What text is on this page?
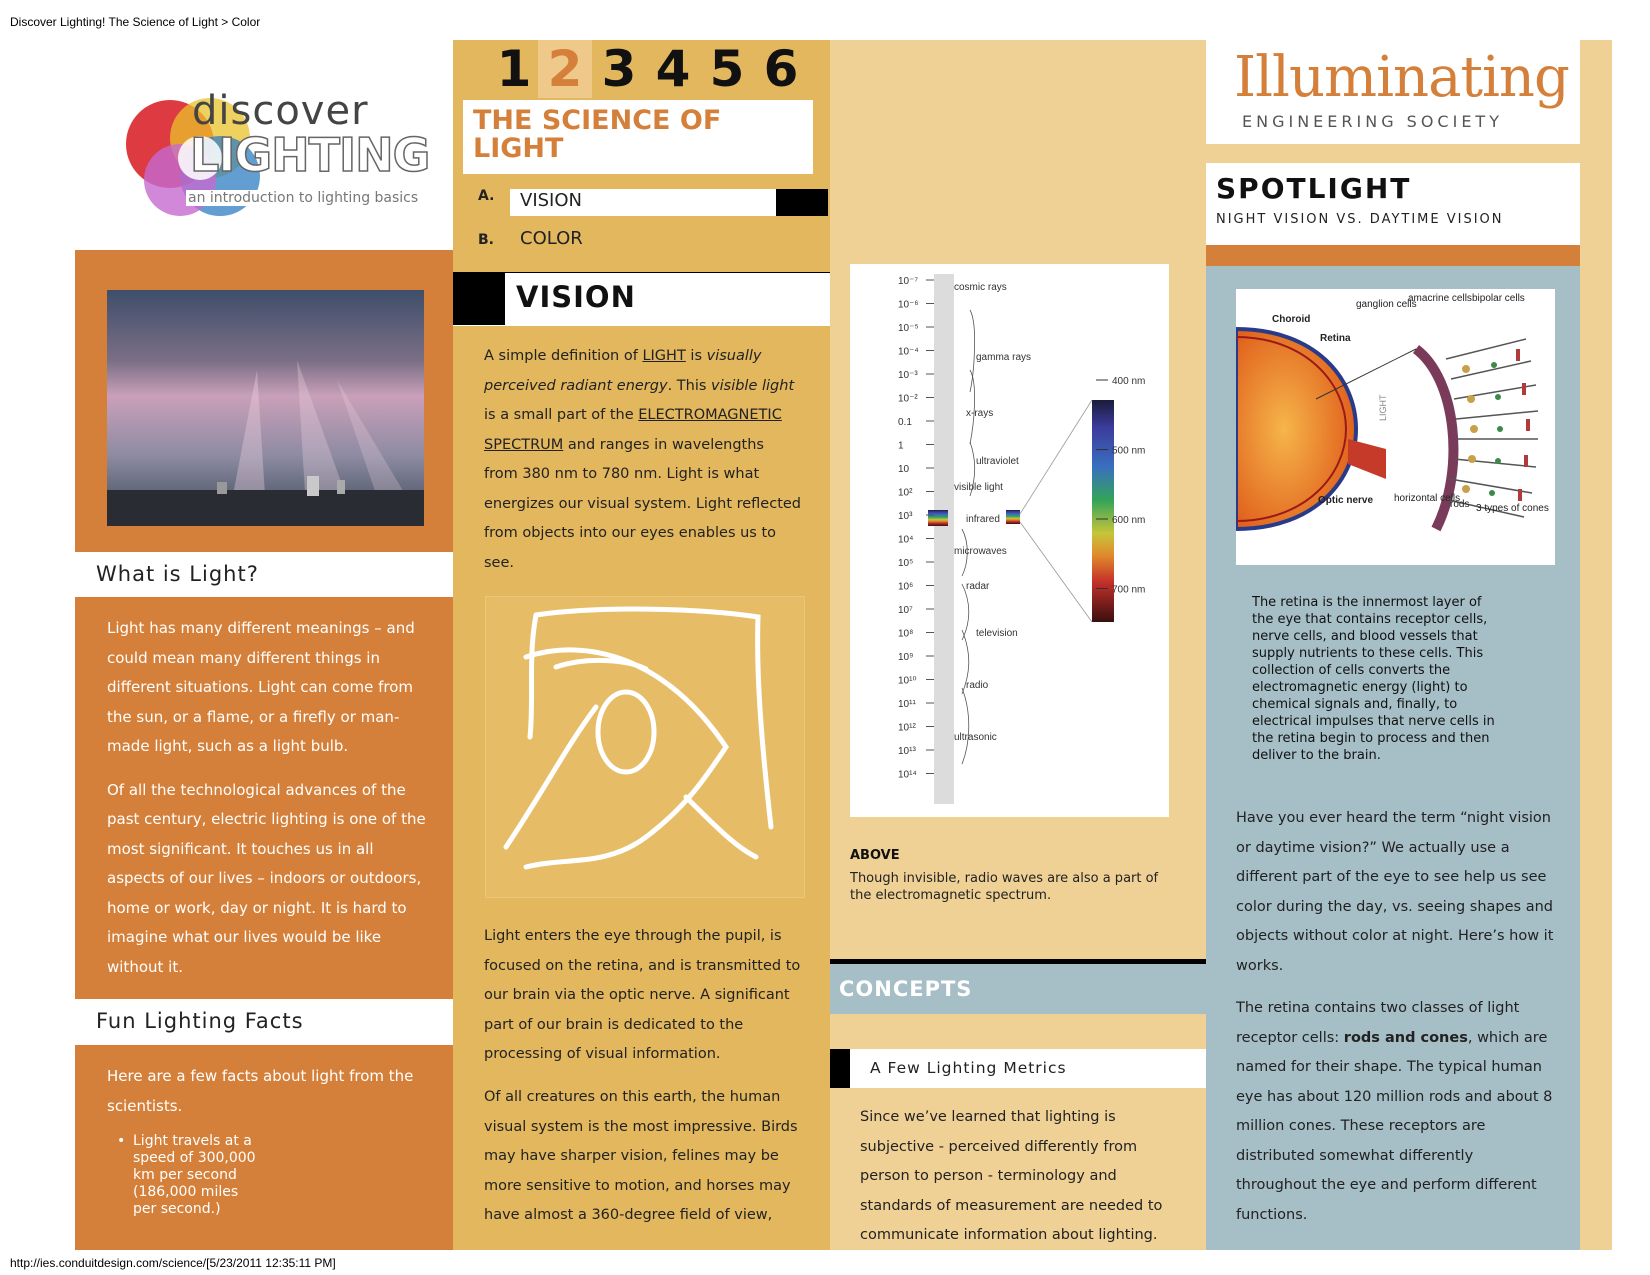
Discover Lighting! The Science of Light > Color
http://ies.conduitdesign.com/science/[5/23/2011 12:35:11 PM]
discover
LIGHTING
an introduction to lighting basics
What is Light?

Light has many different meanings – and could mean many different things in different situations. Light can come from the sun, or a flame, or a firefly or man-made light, such as a light bulb.

Of all the technological advances of the past century, electric lighting is one of the most significant. It touches us in all aspects of our lives – indoors or outdoors, home or work, day or night. It is hard to imagine what our lives would be like without it.

Fun Lighting Facts
Here are a few facts about light from the scientists.
• Light travels at a speed of 300,000 km per second (186,000 miles per second.)
1 2 3 4 5 6
THE SCIENCE OF LIGHT
A. VISION
B. COLOR
VISION
A simple definition of LIGHT is visually perceived radiant energy. This visible light is a small part of the ELECTROMAGNETIC SPECTRUM and ranges in wavelengths from 380 nm to 780 nm. Light is what energizes our visual system. Light reflected from objects into our eyes enables us to see.
Light enters the eye through the pupil, is focused on the retina, and is transmitted to our brain via the optic nerve. A significant part of our brain is dedicated to the processing of visual information.
Of all creatures on this earth, the human visual system is the most impressive. Birds may have sharper vision, felines may be more sensitive to motion, and horses may have almost a 360-degree field of view,
10⁻⁷
10⁻⁶
10⁻⁵
10⁻⁴
10⁻³
10⁻²
0.1
1
10
10²
10³
10⁴
10⁵
10⁶
10⁷
10⁸
10⁹
10¹⁰
10¹¹
10¹²
10¹³
10¹⁴
cosmic rays
gamma rays
x-rays
ultraviolet
visible light
infrared
microwaves
radar
television
radio
ultrasonic
400 nm
500 nm
600 nm
700 nm
ABOVE
Though invisible, radio waves are also a part of the electromagnetic spectrum.
CONCEPTS
A Few Lighting Metrics
Since we’ve learned that lighting is subjective - perceived differently from person to person - terminology and standards of measurement are needed to communicate information about lighting.
Illuminating
ENGINEERING SOCIETY
SPOTLIGHT
NIGHT VISION VS. DAYTIME VISION
Choroid
Retina
ganglion cells
amacrine cells bipolar cells
Optic nerve horizontal cells
rods 3 types of cones
LIGHT
The retina is the innermost layer of the eye that contains receptor cells, nerve cells, and blood vessels that supply nutrients to these cells. This collection of cells converts the electromagnetic energy (light) to chemical signals and, finally, to electrical impulses that nerve cells in the retina begin to process and then deliver to the brain.
Have you ever heard the term “night vision or daytime vision?” We actually use a different part of the eye to see help us see color during the day, vs. seeing shapes and objects without color at night. Here’s how it works.
The retina contains two classes of light receptor cells: rods and cones, which are named for their shape. The typical human eye has about 120 million rods and about 8 million cones. These receptors are distributed somewhat differently throughout the eye and perform different functions.
